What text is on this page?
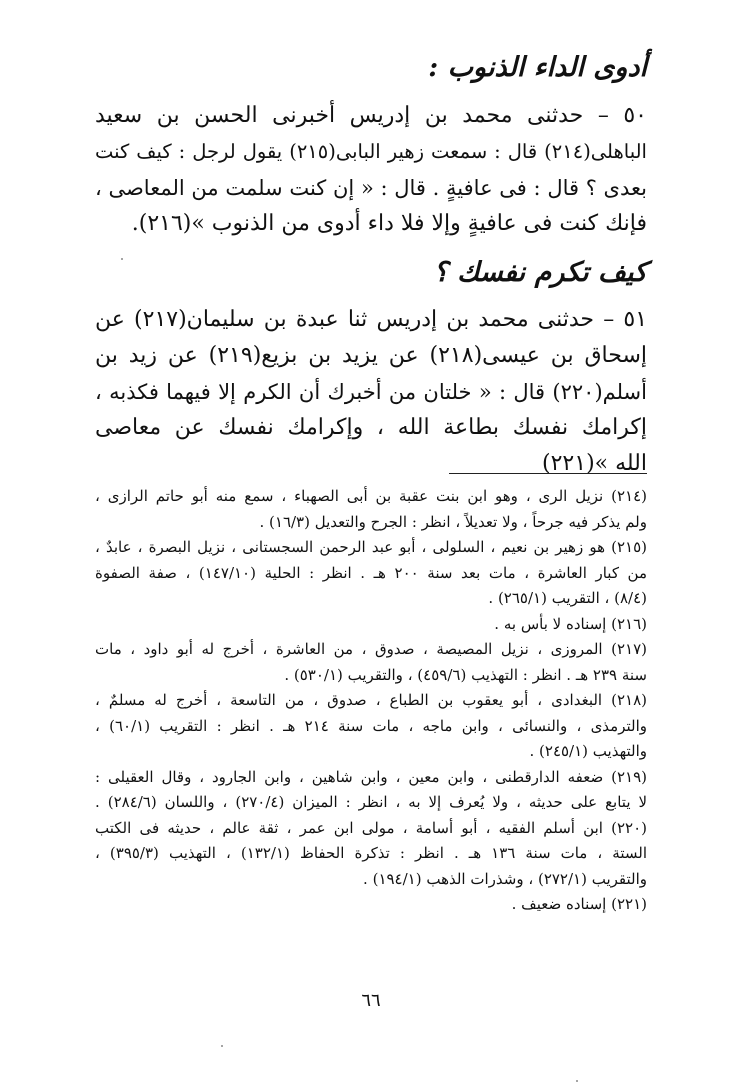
أدوى الداء الذنوب :
٥٠ – حدثنى محمد بن إدريس أخبرنى الحسن بن سعيد
الباهلى(٢١٤) قال : سمعت زهير البابى(٢١٥) يقول لرجل : كيف كنت
بعدى ؟ قال : فى عافيةٍ . قال : « إن كنت سلمت من المعاصى ،
فإنك كنت فى عافيةٍ وإلا فلا داء أدوى من الذنوب »(٢١٦).
كيف تكرم نفسك ؟
٥١ – حدثنى محمد بن إدريس ثنا عبدة بن سليمان(٢١٧) عن
إسحاق بن عيسى(٢١٨) عن يزيد بن بزيع(٢١٩) عن زيد بن
أسلم(٢٢٠) قال : « خلتان من أخبرك أن الكرم إلا فيهما فكذبه ،
إكرامك نفسك بطاعة الله ، وإكرامك نفسك عن معاصى
الله »(٢٢١)
(٢١٤) نزيل الرى ، وهو ابن بنت عقبة بن أبى الصهباء ، سمع منه أبو حاتم الرازى ،
ولم يذكر فيه جرحاً ، ولا تعديلاً ، انظر : الجرح والتعديل (١٦/٣) .
(٢١٥) هو زهير بن نعيم ، السلولى ، أبو عبد الرحمن السجستانى ، نزيل البصرة ، عابدٌ ،
من كبار العاشرة ، مات بعد سنة ٢٠٠ هـ . انظر : الحلية (١٤٧/١٠) ، صفة الصفوة
(٨/٤) ، التقريب (٢٦٥/١) .
(٢١٦) إسناده لا بأس به .
(٢١٧) المروزى ، نزيل المصيصة ، صدوق ، من العاشرة ، أخرج له أبو داود ، مات
سنة ٢٣٩ هـ . انظر : التهذيب (٤٥٩/٦) ، والتقريب (٥٣٠/١) .
(٢١٨) البغدادى ، أبو يعقوب بن الطباع ، صدوق ، من التاسعة ، أخرج له مسلمٌ ،
والترمذى ، والنسائى ، وابن ماجه ، مات سنة ٢١٤ هـ . انظر : التقريب (٦٠/١) ،
والتهذيب (٢٤٥/١) .
(٢١٩) ضعفه الدارقطنى ، وابن معين ، وابن شاهين ، وابن الجارود ، وقال العقيلى :
لا يتابع على حديثه ، ولا يُعرف إلا به ، انظر : الميزان (٢٧٠/٤) ، واللسان (٢٨٤/٦) .
(٢٢٠) ابن أسلم الفقيه ، أبو أسامة ، مولى ابن عمر ، ثقة عالم ، حديثه فى الكتب
الستة ، مات سنة ١٣٦ هـ . انظر : تذكرة الحفاظ (١٣٢/١) ، التهذيب (٣٩٥/٣) ،
والتقريب (٢٧٢/١) ، وشذرات الذهب (١٩٤/١) .
(٢٢١) إسناده ضعيف .
٦٦
